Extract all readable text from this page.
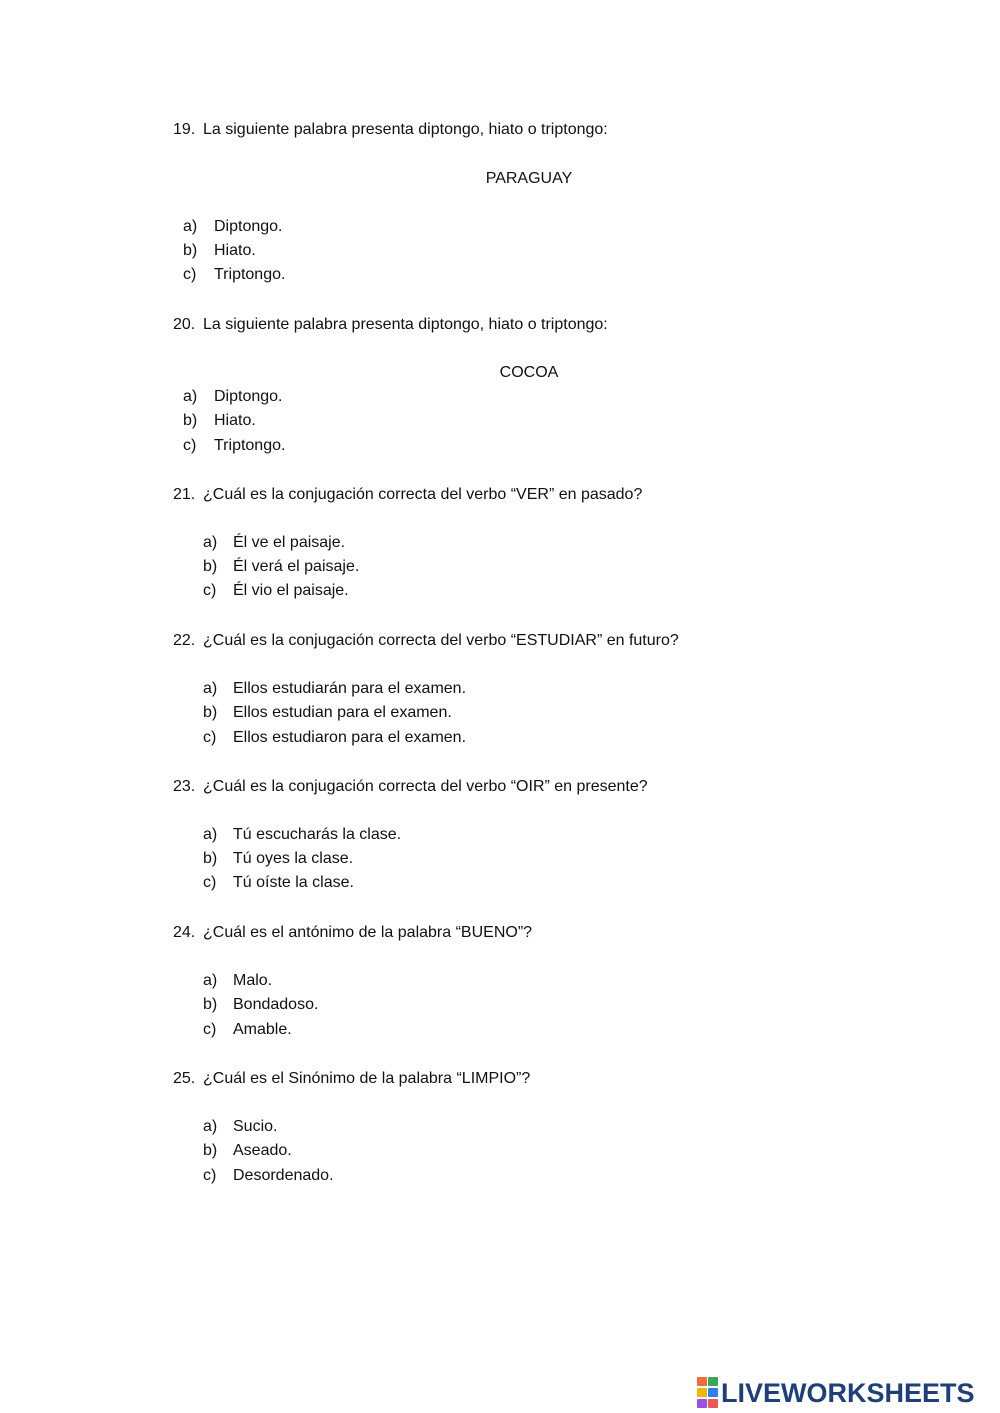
19. La siguiente palabra presenta diptongo, hiato o triptongo:
PARAGUAY
a) Diptongo.
b) Hiato.
c) Triptongo.
20. La siguiente palabra presenta diptongo, hiato o triptongo:
COCOA
a) Diptongo.
b) Hiato.
c) Triptongo.
21. ¿Cuál es la conjugación correcta del verbo “VER” en pasado?
a) Él ve el paisaje.
b) Él verá el paisaje.
c) Él vio el paisaje.
22. ¿Cuál es la conjugación correcta del verbo “ESTUDIAR” en futuro?
a) Ellos estudiarán para el examen.
b) Ellos estudian para el examen.
c) Ellos estudiaron para el examen.
23. ¿Cuál es la conjugación correcta del verbo “OIR” en presente?
a) Tú escucharás la clase.
b) Tú oyes la clase.
c) Tú oíste la clase.
24. ¿Cuál es el antónimo de la palabra “BUENO”?
a) Malo.
b) Bondadoso.
c) Amable.
25. ¿Cuál es el Sinónimo de la palabra “LIMPIO”?
a) Sucio.
b) Aseado.
c) Desordenado.
LIVEWORKSHEETS
